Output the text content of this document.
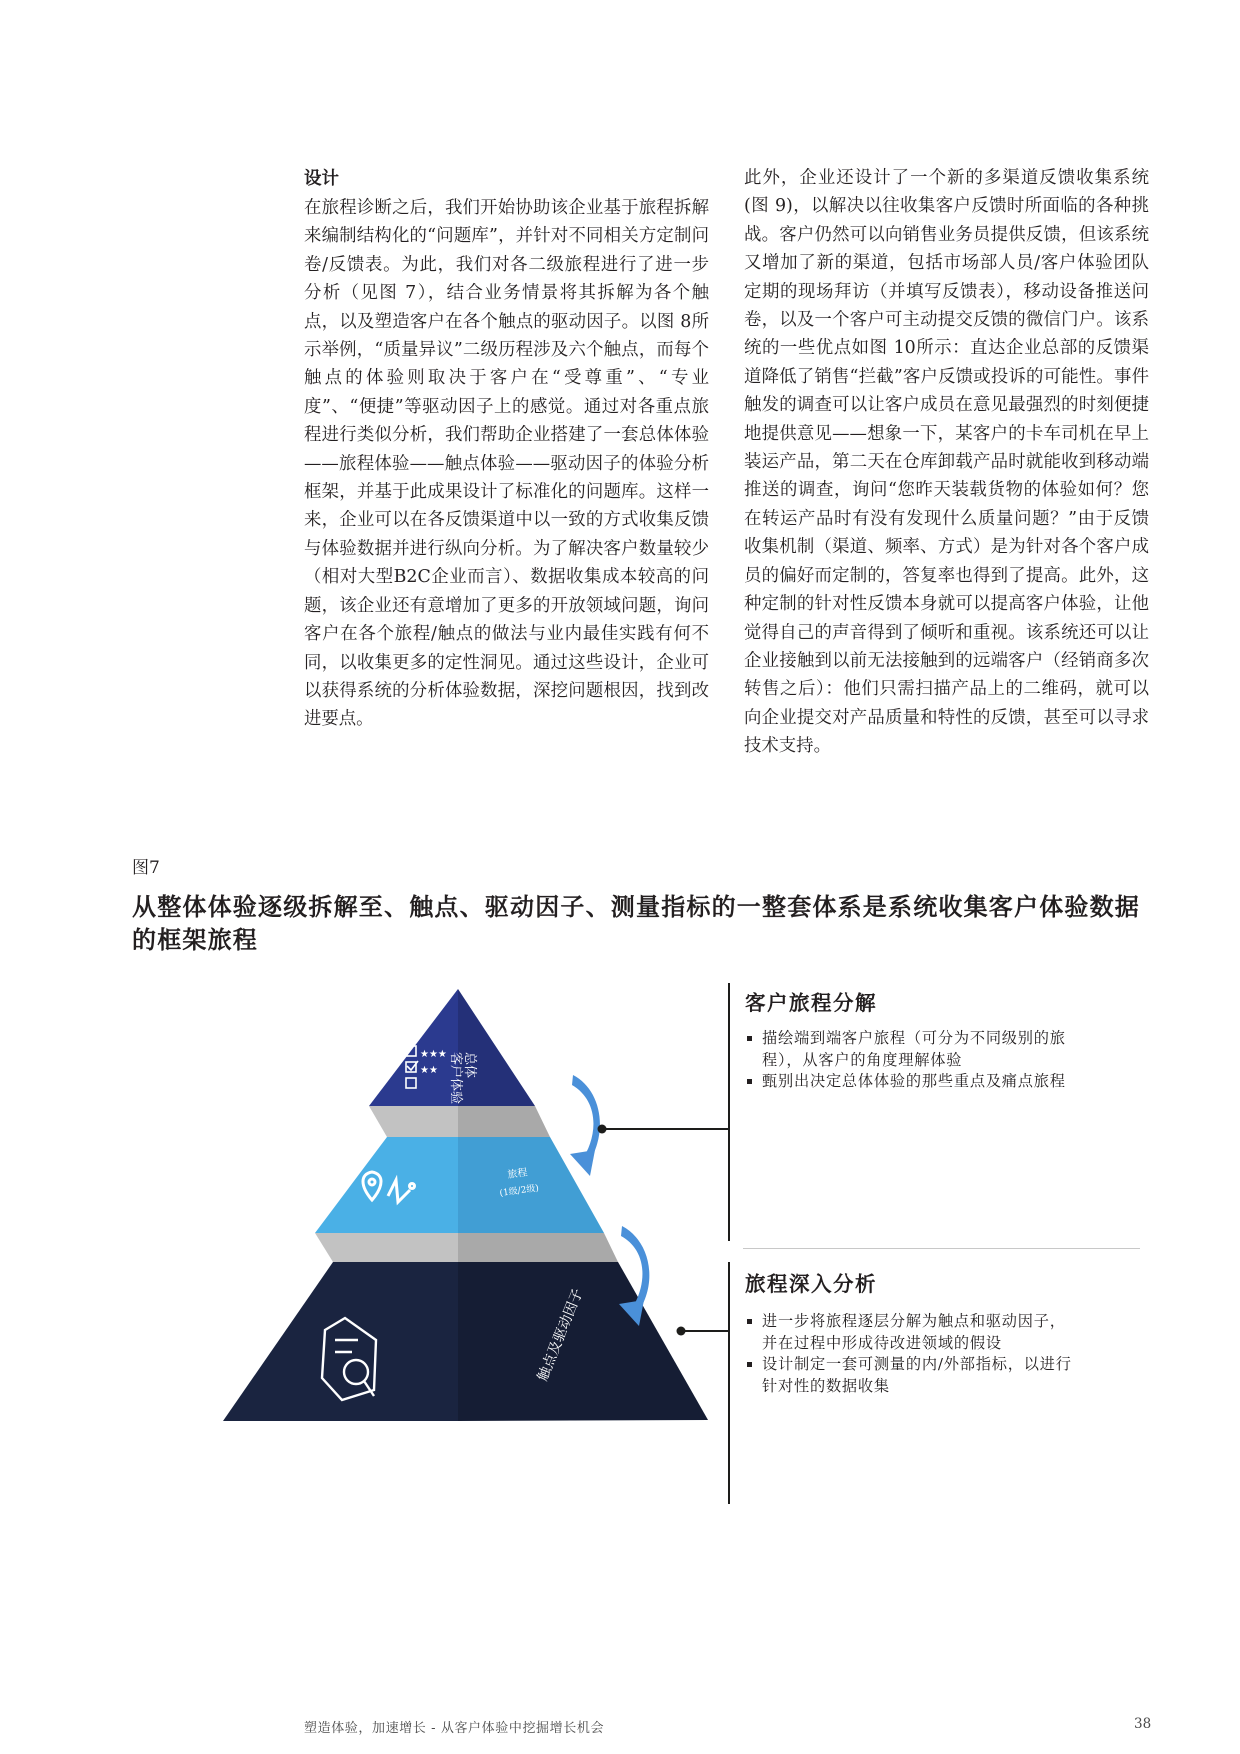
设计

在旅程诊断之后，我们开始协助该企业基于旅程拆解来编制结构化的“问题库”，并针对不同相关方定制问卷/反馈表。为此，我们对各二级旅程进行了进一步分析（见图 7），结合业务情景将其拆解为各个触点，以及塑造客户在各个触点的驱动因子。以图 8所示举例，“质量异议”二级历程涉及六个触点，而每个触点的体验则取决于客户在“受尊重”、“专业度”、“便捷”等驱动因子上的感觉。通过对各重点旅程进行类似分析，我们帮助企业搭建了一套总体体验——旅程体验——触点体验——驱动因子的体验分析框架，并基于此成果设计了标准化的问题库。这样一来，企业可以在各反馈渠道中以一致的方式收集反馈与体验数据并进行纵向分析。为了解决客户数量较少（相对大型B2C企业而言）、数据收集成本较高的问题，该企业还有意增加了更多的开放领域问题，询问客户在各个旅程/触点的做法与业内最佳实践有何不同，以收集更多的定性洞见。通过这些设计，企业可以获得系统的分析体验数据，深挖问题根因，找到改进要点。

此外，企业还设计了一个新的多渠道反馈收集系统(图 9)，以解决以往收集客户反馈时所面临的各种挑战。客户仍然可以向销售业务员提供反馈，但该系统又增加了新的渠道，包括市场部人员/客户体验团队定期的现场拜访（并填写反馈表），移动设备推送问卷，以及一个客户可主动提交反馈的微信门户。该系统的一些优点如图 10所示：直达企业总部的反馈渠道降低了销售“拦截”客户反馈或投诉的可能性。事件触发的调查可以让客户成员在意见最强烈的时刻便捷地提供意见——想象一下，某客户的卡车司机在早上装运产品，第二天在仓库卸载产品时就能收到移动端推送的调查，询问“您昨天装载货物的体验如何？您在转运产品时有没有发现什么质量问题？”由于反馈收集机制（渠道、频率、方式）是为针对各个客户成员的偏好而定制的，答复率也得到了提高。此外，这种定制的针对性反馈本身就可以提高客户体验，让他觉得自己的声音得到了倾听和重视。该系统还可以让企业接触到以前无法接触到的远端客户（经销商多次转售之后）：他们只需扫描产品上的二维码，就可以向企业提交对产品质量和特性的反馈，甚至可以寻求技术支持。

图7
从整体体验逐级拆解至、触点、驱动因子、测量指标的一整套体系是系统收集客户体验数据的框架旅程
★★★
★★ 总体
客户体验
旅程
(1级/2级)
触点及驱动因子
客户旅程分解
描绘端到端客户旅程（可分为不同级别的旅程），从客户的角度理解体验
甄别出决定总体体验的那些重点及痛点旅程
旅程深入分析
进一步将旅程逐层分解为触点和驱动因子，并在过程中形成待改进领域的假设
设计制定一套可测量的内/外部指标，以进行针对性的数据收集
塑造体验，加速增长 - 从客户体验中挖掘增长机会	38
